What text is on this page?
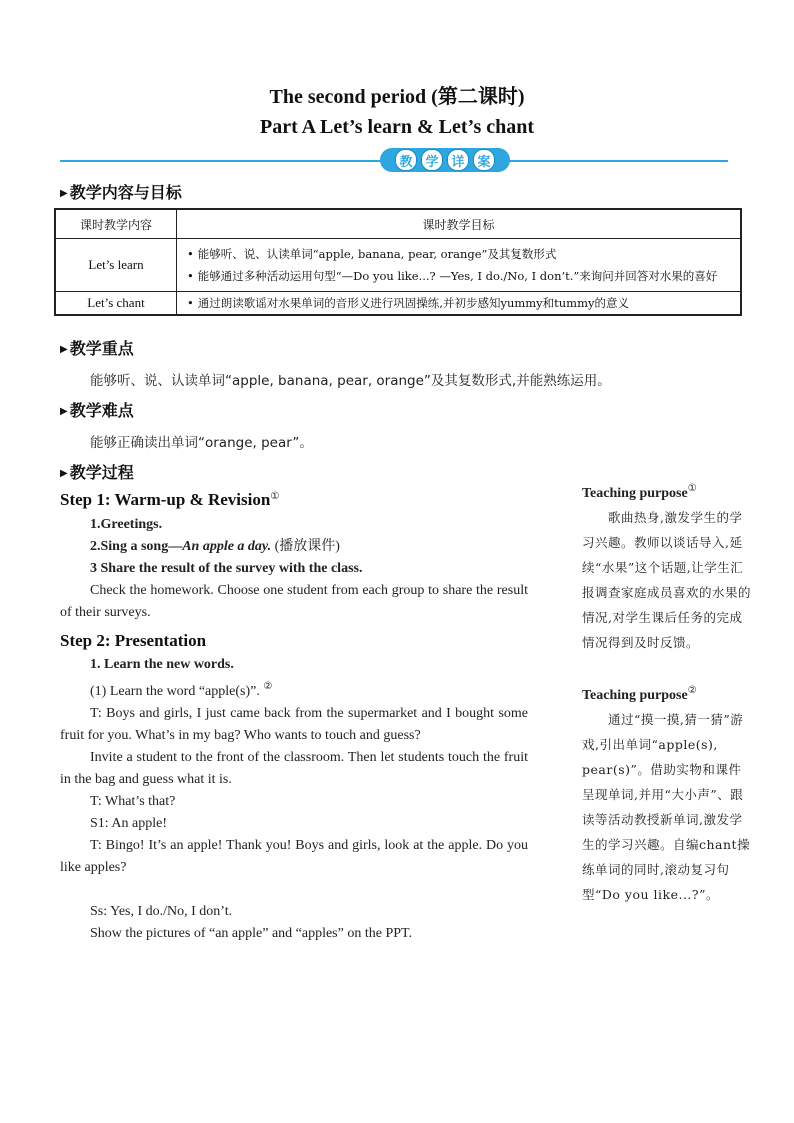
The second period (第二课时)
Part A Let’s learn & Let’s chant
教 学 详 案
▶ 教学内容与目标
课时教学内容	课时教学目标
Let’s learn	• 能够听、说、认读单词“apple, banana, pear, orange”及其复数形式
• 能够通过多种活动运用句型“—Do you like...? —Yes, I do./No, I don’t.”来询问并回答对水果的喜好

Let’s chant	• 通过朗读歌谣对水果单词的音形义进行巩固操练,并初步感知yummy和tummy的意义
▶ 教学重点
能够听、说、认读单词“apple, banana, pear, orange”及其复数形式,并能熟练运用。
▶ 教学难点
能够正确读出单词“orange, pear”。
▶ 教学过程
Step 1: Warm-up & Revision①
1.Greetings.
2.Sing a song—An apple a day. (播放课件)
3 Share the result of the survey with the class.
Check the homework. Choose one student from each group to share the result of their surveys.
Step 2: Presentation
1. Learn the new words.
(1) Learn the word “apple(s)”. ②
T: Boys and girls, I just came back from the supermarket and I bought some fruit for you. What’s in my bag? Who wants to touch and guess?
Invite a student to the front of the classroom. Then let students touch the fruit in the bag and guess what it is.
T: What’s that?
S1: An apple!
T: Bingo! It’s an apple! Thank you! Boys and girls, look at the apple. Do you like apples?
Ss: Yes, I do./No, I don’t.
Show the pictures of “an apple” and “apples” on the PPT.
Teaching purpose①
歌曲热身,激发学生的学习兴趣。教师以谈话导入,延续“水果”这个话题,让学生汇报调查家庭成员喜欢的水果的情况,对学生课后任务的完成情况得到及时反馈。
Teaching purpose②
通过“摸一摸,猜一猜”游戏,引出单词“apple(s), pear(s)”。借助实物和课件呈现单词,并用“大小声”、跟读等活动教授新单词,激发学生的学习兴趣。自编chant操练单词的同时,滚动复习句型“Do you like...?”。
